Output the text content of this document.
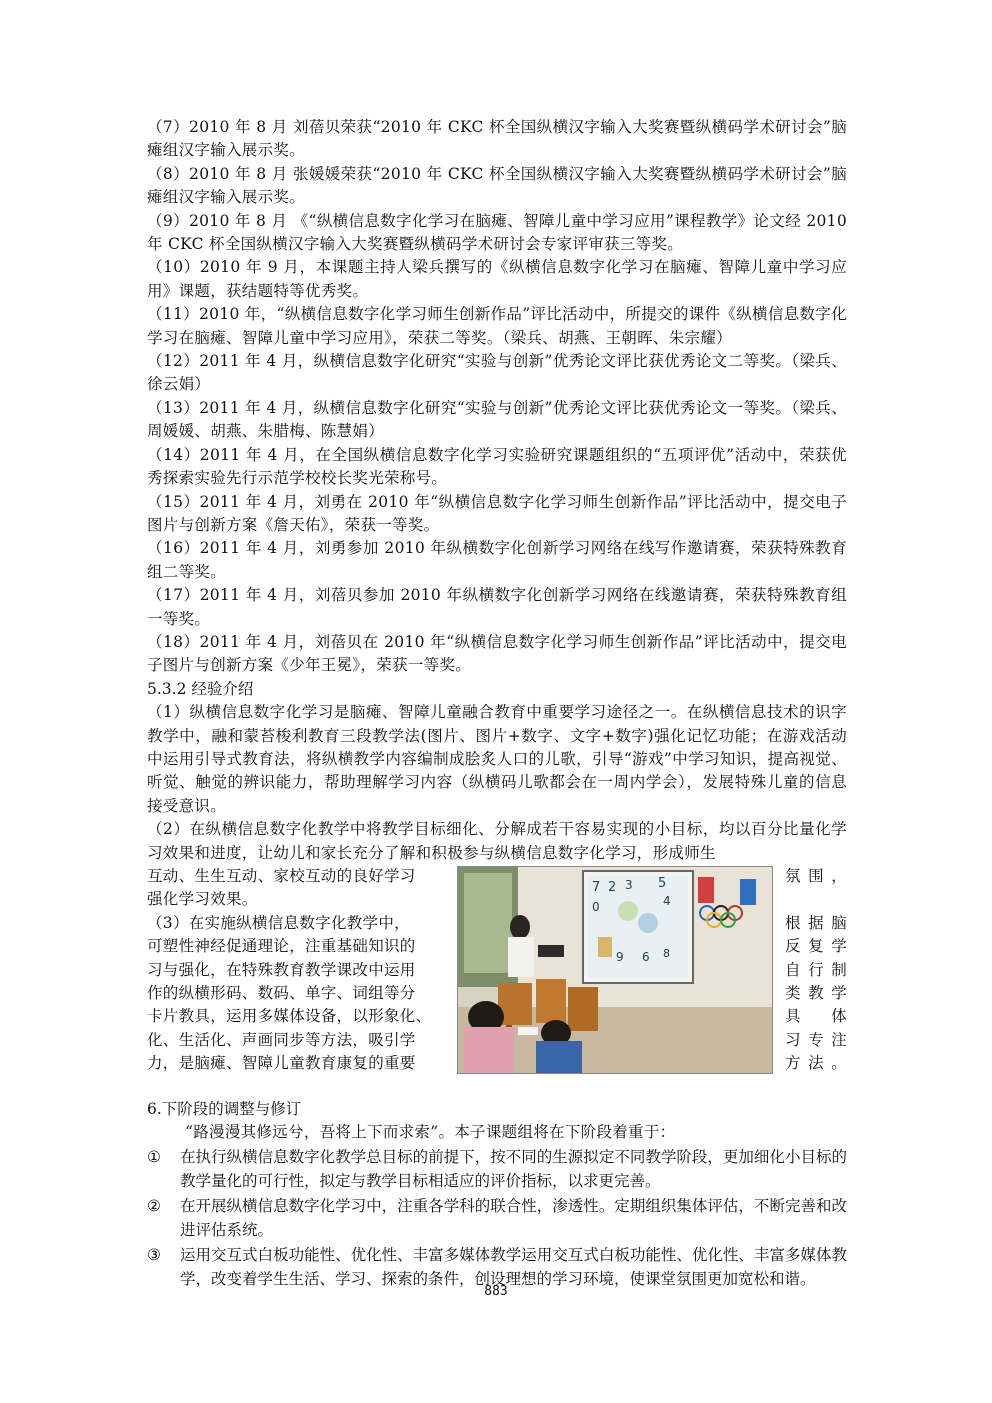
（7）2010 年 8 月 刘蓓贝荣获“2010 年 CKC 杯全国纵横汉字输入大奖赛暨纵横码学术研讨会”脑瘫组汉字输入展示奖。

（8）2010 年 8 月 张媛媛荣获“2010 年 CKC 杯全国纵横汉字输入大奖赛暨纵横码学术研讨会”脑瘫组汉字输入展示奖。

（9）2010 年 8 月 《“纵横信息数字化学习在脑瘫、智障儿童中学习应用”课程教学》论文经 2010 年 CKC 杯全国纵横汉字输入大奖赛暨纵横码学术研讨会专家评审获三等奖。

（10）2010 年 9 月，本课题主持人梁兵撰写的《纵横信息数字化学习在脑瘫、智障儿童中学习应用》课题，获结题特等优秀奖。

（11）2010 年，“纵横信息数字化学习师生创新作品”评比活动中，所提交的课件《纵横信息数字化学习在脑瘫、智障儿童中学习应用》，荣获二等奖。（梁兵、胡燕、王朝晖、朱宗耀）

（12）2011 年 4 月，纵横信息数字化研究“实验与创新”优秀论文评比获优秀论文二等奖。（梁兵、徐云娟）

（13）2011 年 4 月，纵横信息数字化研究“实验与创新”优秀论文评比获优秀论文一等奖。（梁兵、周媛媛、胡燕、朱腊梅、陈慧娟）

（14）2011 年 4 月，在全国纵横信息数字化学习实验研究课题组织的“五项评优”活动中，荣获优秀探索实验先行示范学校校长奖光荣称号。

（15）2011 年 4 月，刘勇在 2010 年“纵横信息数字化学习师生创新作品”评比活动中，提交电子图片与创新方案《詹天佑》，荣获一等奖。

（16）2011 年 4 月，刘勇参加 2010 年纵横数字化创新学习网络在线写作邀请赛，荣获特殊教育组二等奖。

（17）2011 年 4 月，刘蓓贝参加 2010 年纵横数字化创新学习网络在线邀请赛，荣获特殊教育组一等奖。

（18）2011 年 4 月，刘蓓贝在 2010 年“纵横信息数字化学习师生创新作品”评比活动中，提交电子图片与创新方案《少年王冕》，荣获一等奖。

5.3.2 经验介绍

（1）纵横信息数字化学习是脑瘫、智障儿童融合教育中重要学习途径之一。在纵横信息技术的识字教学中，融和蒙苔梭利教育三段教学法(图片、图片+数字、文字+数字)强化记忆功能；在游戏活动中运用引导式教育法，将纵横教学内容编制成脍炙人口的儿歌，引导“游戏”中学习知识，提高视觉、听觉、触觉的辨识能力，帮助理解学习内容（纵横码儿歌都会在一周内学会），发展特殊儿童的信息接受意识。

（2）在纵横信息数字化教学中将教学目标细化、分解成若干容易实现的小目标，均以百分比量化学习效果和进度，让幼儿和家长充分了解和积极参与纵横信息数字化学习，形成师生

7 2 3 5
4
0
9 6 8

互动、生生互动、家校互动的良好学习

强化学习效果。

（3）在实施纵横信息数字化教学中，

可塑性神经促通理论，注重基础知识的

习与强化，在特殊教育教学课改中运用

作的纵横形码、数码、单字、词组等分

卡片教具，运用多媒体设备，以形象化、

化、生活化、声画同步等方法，吸引学

力，是脑瘫、智障儿童教育康复的重要

氛围，

根据脑

反复学

自行制

类教学

具  体

习专注

方法。

6.下阶段的调整与修订

“路漫漫其修远兮，吾将上下而求索”。本子课题组将在下阶段着重于：

①	在执行纵横信息数字化教学总目标的前提下，按不同的生源拟定不同教学阶段，更加细化小目标的教学量化的可行性，拟定与教学目标相适应的评价指标，以求更完善。
②	在开展纵横信息数字化学习中，注重各学科的联合性，渗透性。定期组织集体评估，不断完善和改进评估系统。
③	运用交互式白板功能性、优化性、丰富多媒体教学运用交互式白板功能性、优化性、丰富多媒体教学，改变着学生生活、学习、探索的条件，创设理想的学习环境，使课堂氛围更加宽松和谐。
883
